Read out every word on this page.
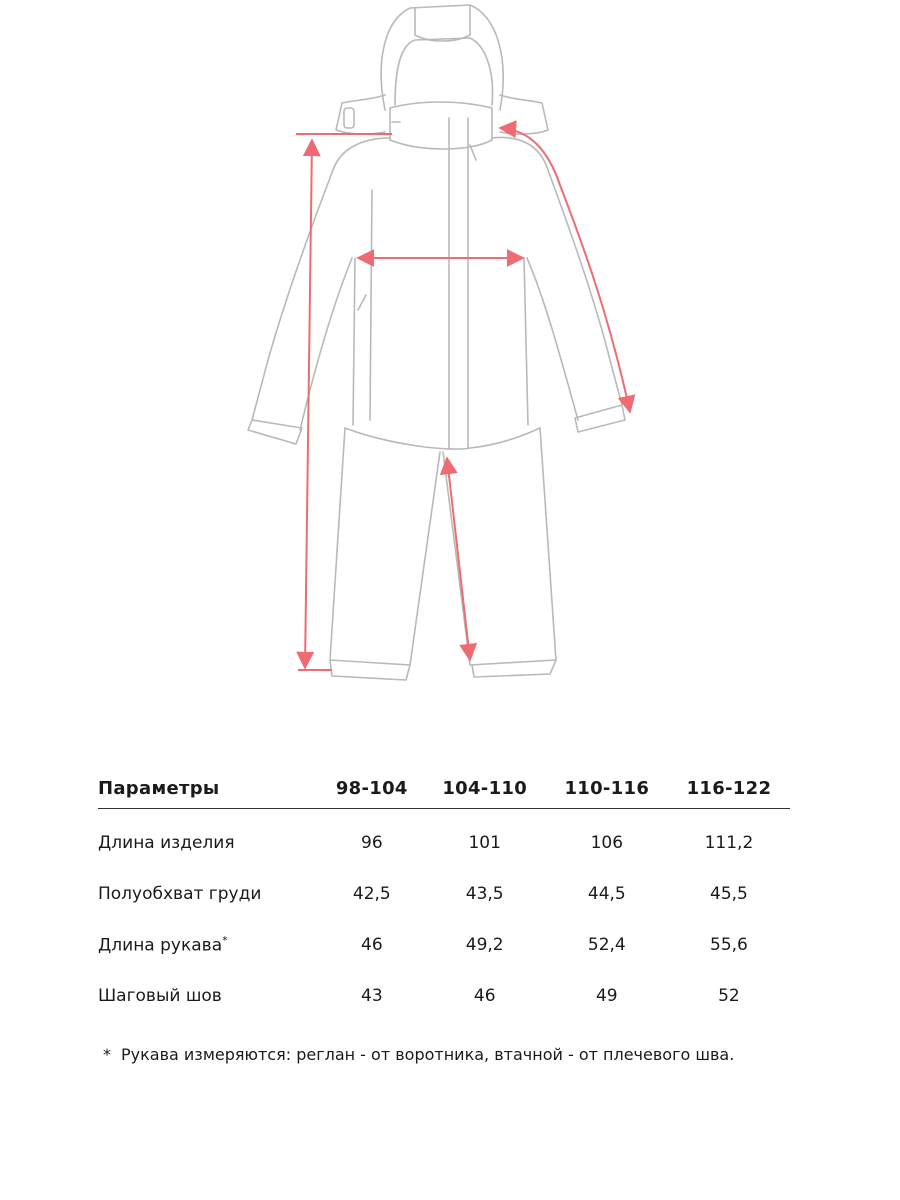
Параметры	98-104	104-110	110-116	116-122
Длина изделия	96	101	106	111,2
Полуобхват груди	42,5	43,5	44,5	45,5
Длина рукава*	46	49,2	52,4	55,6
Шаговый шов	43	46	49	52
* Рукава измеряются: реглан - от воротника, втачной - от плечевого шва.
